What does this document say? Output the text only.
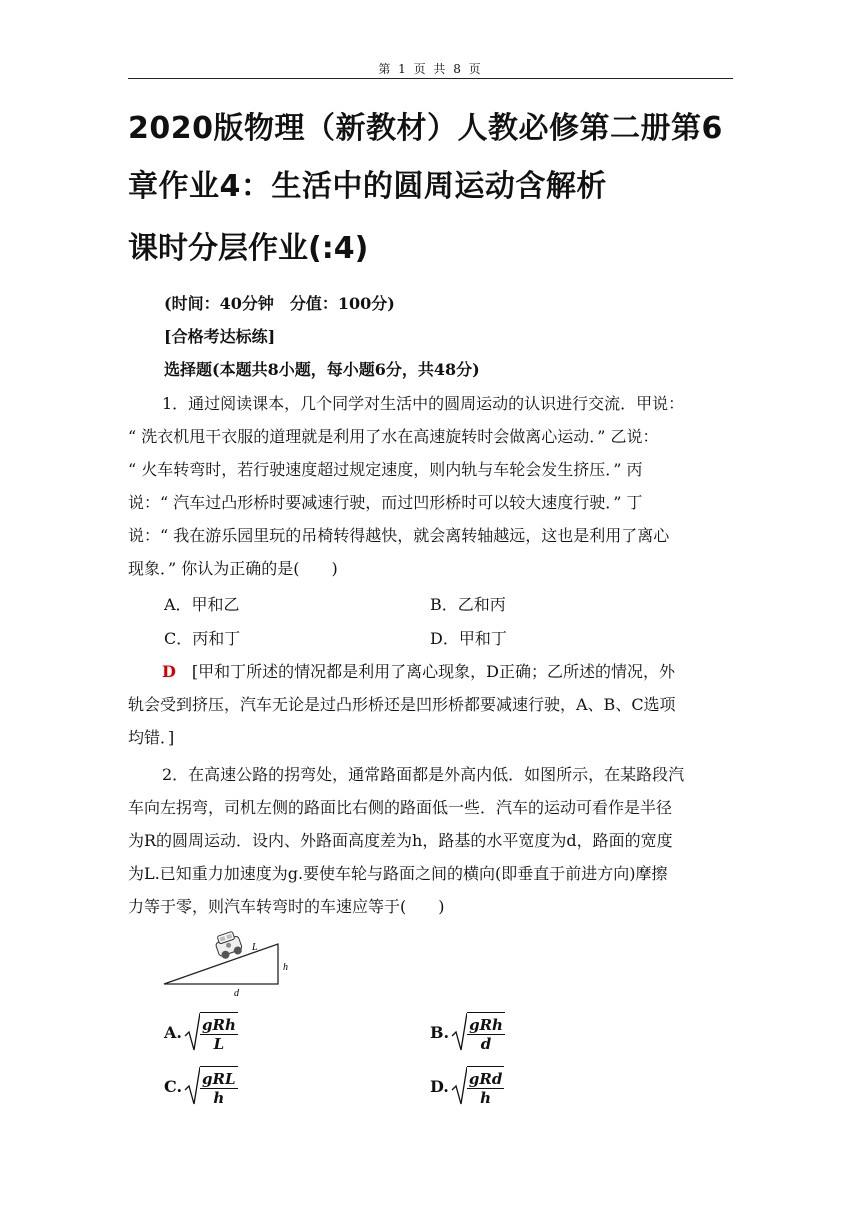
第 1 页 共 8 页
2020版物理（新教材）人教必修第二册第6
章作业4：生活中的圆周运动含解析
课时分层作业(:4)
(时间：40分钟　分值：100分)
[合格考达标练]
选择题(本题共8小题，每小题6分，共48分)
1．通过阅读课本，几个同学对生活中的圆周运动的认识进行交流．甲说：
“ 洗衣机甩干衣服的道理就是利用了水在高速旋转时会做离心运动．” 乙说：
“ 火车转弯时，若行驶速度超过规定速度，则内轨与车轮会发生挤压．” 丙
说：“ 汽车过凸形桥时要减速行驶，而过凹形桥时可以较大速度行驶．” 丁
说：“ 我在游乐园里玩的吊椅转得越快，就会离转轴越远，这也是利用了离心
现象．” 你认为正确的是(　　)
A．甲和乙	B．乙和丙
C．丙和丁	D．甲和丁
D　 [甲和丁所述的情况都是利用了离心现象，D正确；乙所述的情况，外
轨会受到挤压，汽车无论是过凸形桥还是凹形桥都要减速行驶，A、B、C选项
均错．]
2．在高速公路的拐弯处，通常路面都是外高内低．如图所示，在某路段汽
车向左拐弯，司机左侧的路面比右侧的路面低一些．汽车的运动可看作是半径
为R的圆周运动．设内、外路面高度差为h，路基的水平宽度为d，路面的宽度
为L.已知重力加速度为g.要使车轮与路面之间的横向(即垂直于前进方向)摩擦
力等于零，则汽车转弯时的车速应等于(　　)
L
h
d
A. $\frac{\text{gRh}}{L}$	B. $\frac{\text{gRh}}{d}$
C. $\frac{\text{gRL}}{h}$	D. $\frac{\text{gRd}}{h}$
